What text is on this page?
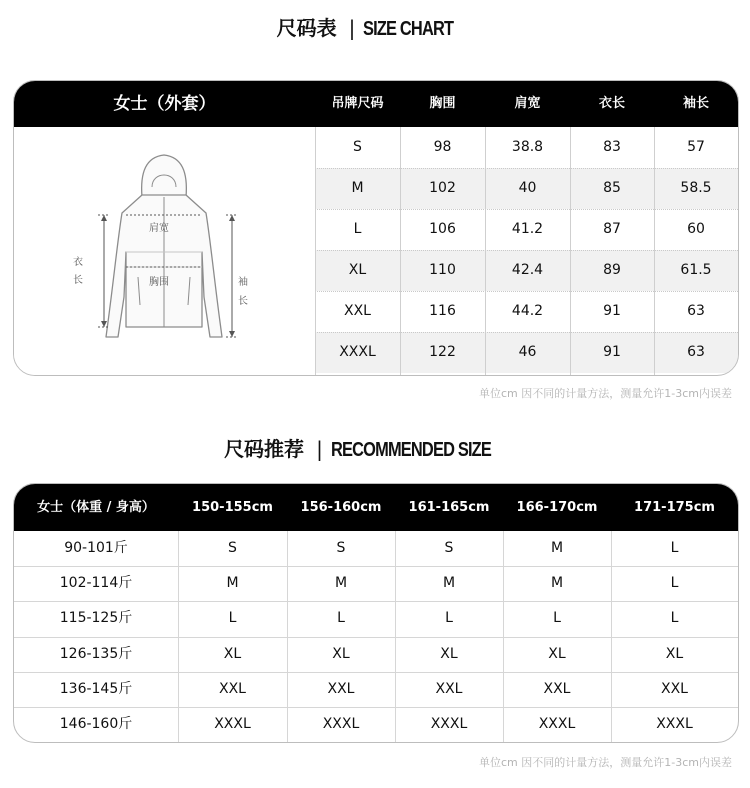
尺码表 | SIZE CHART
女士（外套）	吊牌尺码	胸围	肩宽	衣长	袖长
肩宽
胸围
衣
长	袖
长
S	98	38.8	83	57
M	102	40	85	58.5
L	106	41.2	87	60
XL	110	42.4	89	61.5
XXL	116	44.2	91	63
XXXL	122	46	91	63
单位cm 因不同的计量方法，测量允许1-3cm内误差
尺码推荐 | RECOMMENDED SIZE
女士（体重 / 身高）	150-155cm	156-160cm	161-165cm	166-170cm	171-175cm
90-101斤	S	S	S	M	L
102-114斤	M	M	M	M	L
115-125斤	L	L	L	L	L
126-135斤	XL	XL	XL	XL	XL
136-145斤	XXL	XXL	XXL	XXL	XXL
146-160斤	XXXL	XXXL	XXXL	XXXL	XXXL
单位cm 因不同的计量方法，测量允许1-3cm内误差
